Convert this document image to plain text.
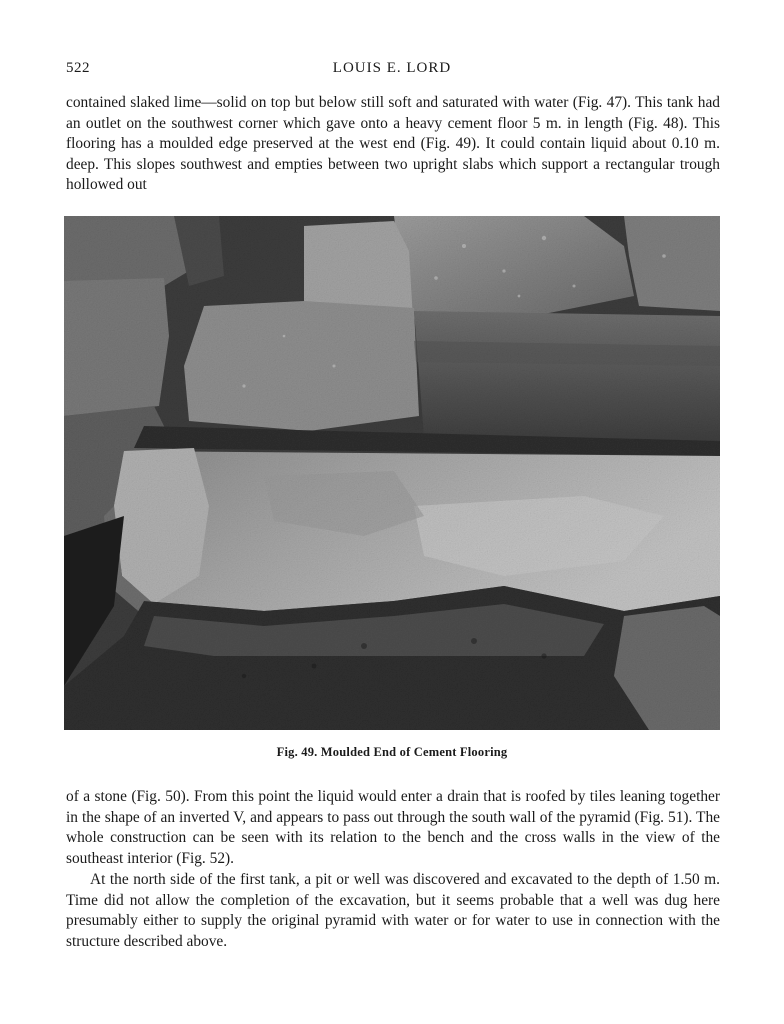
522	LOUIS E. LORD

contained slaked lime—solid on top but below still soft and saturated with water (Fig. 47). This tank had an outlet on the southwest corner which gave onto a heavy cement floor 5 m. in length (Fig. 48). This flooring has a moulded edge preserved at the west end (Fig. 49). It could contain liquid about 0.10 m. deep. This slopes southwest and empties between two upright slabs which support a rectangular trough hollowed out

Fig. 49. Moulded End of Cement Flooring

of a stone (Fig. 50). From this point the liquid would enter a drain that is roofed by tiles leaning together in the shape of an inverted V, and appears to pass out through the south wall of the pyramid (Fig. 51). The whole construction can be seen with its relation to the bench and the cross walls in the view of the southeast interior (Fig. 52).

At the north side of the first tank, a pit or well was discovered and excavated to the depth of 1.50 m. Time did not allow the completion of the excavation, but it seems probable that a well was dug here presumably either to supply the original pyramid with water or for water to use in connection with the structure described above.
